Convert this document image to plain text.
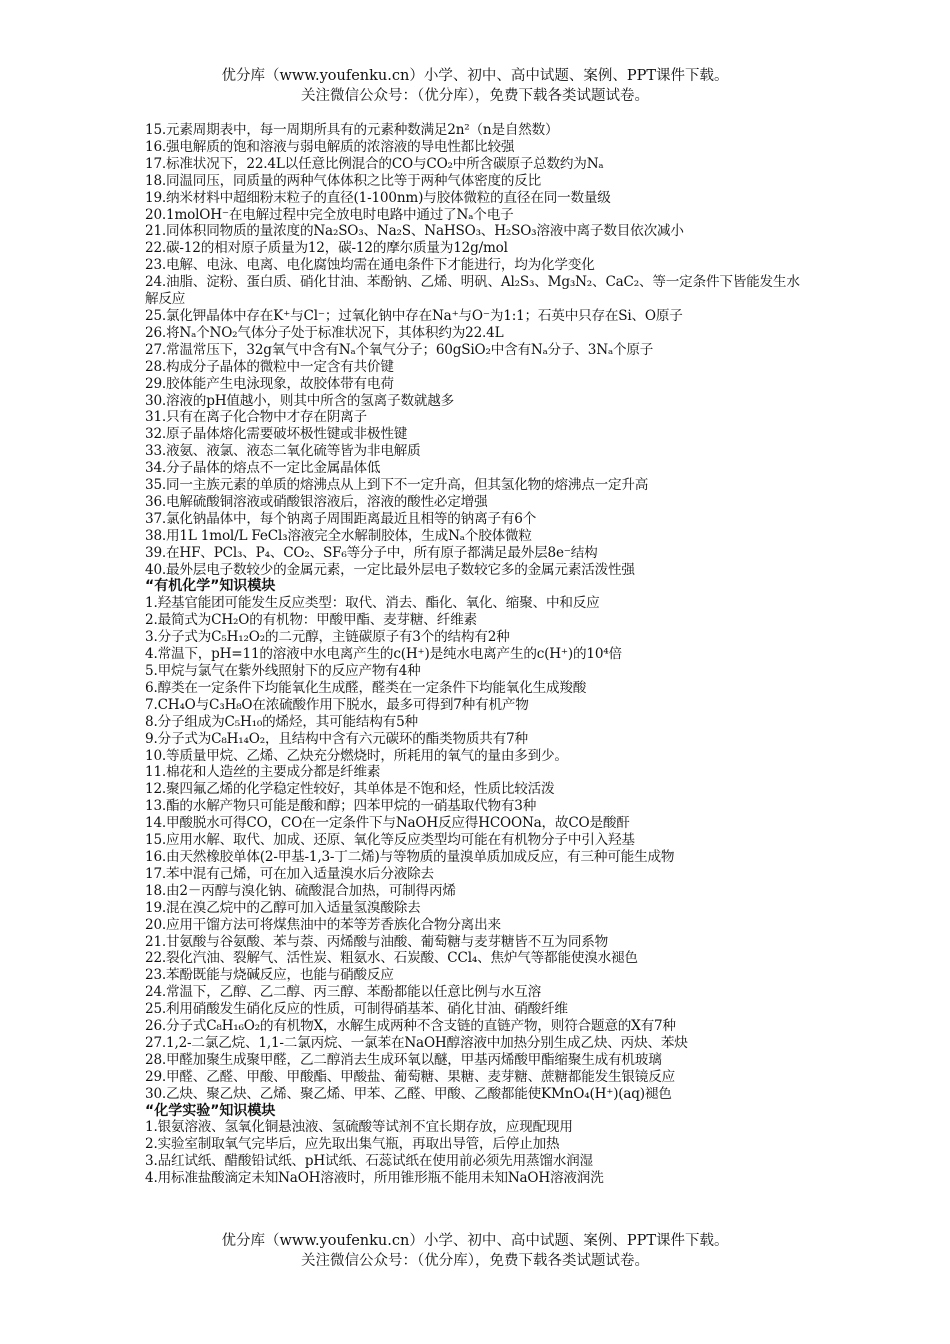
优分库（www.youfenku.cn）小学、初中、高中试题、案例、PPT课件下载。
关注微信公众号：（优分库），免费下载各类试题试卷。
15.元素周期表中，每一周期所具有的元素种数满足2n²（n是自然数）
16.强电解质的饱和溶液与弱电解质的浓溶液的导电性都比较强
17.标准状况下，22.4L以任意比例混合的CO与CO₂中所含碳原子总数约为Nₐ
18.同温同压，同质量的两种气体体积之比等于两种气体密度的反比
19.纳米材料中超细粉末粒子的直径(1-100nm)与胶体微粒的直径在同一数量级
20.1molOH⁻在电解过程中完全放电时电路中通过了Nₐ个电子
21.同体积同物质的量浓度的Na₂SO₃、Na₂S、NaHSO₃、H₂SO₃溶液中离子数目依次减小
22.碳-12的相对原子质量为12，碳-12的摩尔质量为12g/mol
23.电解、电泳、电离、电化腐蚀均需在通电条件下才能进行，均为化学变化
24.油脂、淀粉、蛋白质、硝化甘油、苯酚钠、乙烯、明矾、Al₂S₃、Mg₃N₂、CaC₂、等一定条件下皆能发生水解反应
25.氯化钾晶体中存在K⁺与Cl⁻；过氧化钠中存在Na⁺与O⁻为1:1；石英中只存在Si、O原子
26.将Nₐ个NO₂气体分子处于标准状况下，其体积约为22.4L
27.常温常压下，32g氧气中含有Nₐ个氧气分子；60gSiO₂中含有Nₐ分子、3Nₐ个原子
28.构成分子晶体的微粒中一定含有共价键
29.胶体能产生电泳现象，故胶体带有电荷
30.溶液的pH值越小，则其中所含的氢离子数就越多
31.只有在离子化合物中才存在阴离子
32.原子晶体熔化需要破坏极性键或非极性键
33.液氨、液氯、液态二氧化硫等皆为非电解质
34.分子晶体的熔点不一定比金属晶体低
35.同一主族元素的单质的熔沸点从上到下不一定升高，但其氢化物的熔沸点一定升高
36.电解硫酸铜溶液或硝酸银溶液后，溶液的酸性必定增强
37.氯化钠晶体中，每个钠离子周围距离最近且相等的钠离子有6个
38.用1L 1mol/L FeCl₃溶液完全水解制胶体，生成Nₐ个胶体微粒
39.在HF、PCl₃、P₄、CO₂、SF₆等分子中，所有原子都满足最外层8e⁻结构
40.最外层电子数较少的金属元素，一定比最外层电子数较它多的金属元素活泼性强
“有机化学”知识模块
1.羟基官能团可能发生反应类型：取代、消去、酯化、氧化、缩聚、中和反应
2.最简式为CH₂O的有机物：甲酸甲酯、麦芽糖、纤维素
3.分子式为C₅H₁₂O₂的二元醇，主链碳原子有3个的结构有2种
4.常温下，pH=11的溶液中水电离产生的c(H⁺)是纯水电离产生的c(H⁺)的10⁴倍
5.甲烷与氯气在紫外线照射下的反应产物有4种
6.醇类在一定条件下均能氧化生成醛，醛类在一定条件下均能氧化生成羧酸
7.CH₄O与C₃H₈O在浓硫酸作用下脱水，最多可得到7种有机产物
8.分子组成为C₅H₁₀的烯烃，其可能结构有5种
9.分子式为C₈H₁₄O₂，且结构中含有六元碳环的酯类物质共有7种
10.等质量甲烷、乙烯、乙炔充分燃烧时，所耗用的氧气的量由多到少。
11.棉花和人造丝的主要成分都是纤维素
12.聚四氟乙烯的化学稳定性较好，其单体是不饱和烃，性质比较活泼
13.酯的水解产物只可能是酸和醇；四苯甲烷的一硝基取代物有3种
14.甲酸脱水可得CO，CO在一定条件下与NaOH反应得HCOONa，故CO是酸酐
15.应用水解、取代、加成、还原、氧化等反应类型均可能在有机物分子中引入羟基
16.由天然橡胶单体(2-甲基-1,3-丁二烯)与等物质的量溴单质加成反应，有三种可能生成物
17.苯中混有己烯，可在加入适量溴水后分液除去
18.由2－丙醇与溴化钠、硫酸混合加热，可制得丙烯
19.混在溴乙烷中的乙醇可加入适量氢溴酸除去
20.应用干馏方法可将煤焦油中的苯等芳香族化合物分离出来
21.甘氨酸与谷氨酸、苯与萘、丙烯酸与油酸、葡萄糖与麦芽糖皆不互为同系物
22.裂化汽油、裂解气、活性炭、粗氨水、石炭酸、CCl₄、焦炉气等都能使溴水褪色
23.苯酚既能与烧碱反应，也能与硝酸反应
24.常温下，乙醇、乙二醇、丙三醇、苯酚都能以任意比例与水互溶
25.利用硝酸发生硝化反应的性质，可制得硝基苯、硝化甘油、硝酸纤维
26.分子式C₈H₁₆O₂的有机物X，水解生成两种不含支链的直链产物，则符合题意的X有7种
27.1,2-二氯乙烷、1,1-二氯丙烷、一氯苯在NaOH醇溶液中加热分别生成乙炔、丙炔、苯炔
28.甲醛加聚生成聚甲醛，乙二醇消去生成环氧以醚，甲基丙烯酸甲酯缩聚生成有机玻璃
29.甲醛、乙醛、甲酸、甲酸酯、甲酸盐、葡萄糖、果糖、麦芽糖、蔗糖都能发生银镜反应
30.乙炔、聚乙炔、乙烯、聚乙烯、甲苯、乙醛、甲酸、乙酸都能使KMnO₄(H⁺)(aq)褪色
“化学实验”知识模块
1.银氨溶液、氢氧化铜悬浊液、氢硫酸等试剂不宜长期存放，应现配现用
2.实验室制取氧气完毕后，应先取出集气瓶，再取出导管，后停止加热
3.品红试纸、醋酸铅试纸、pH试纸、石蕊试纸在使用前必须先用蒸馏水润湿
4.用标准盐酸滴定未知NaOH溶液时，所用锥形瓶不能用未知NaOH溶液润洗
优分库（www.youfenku.cn）小学、初中、高中试题、案例、PPT课件下载。
关注微信公众号：（优分库），免费下载各类试题试卷。
